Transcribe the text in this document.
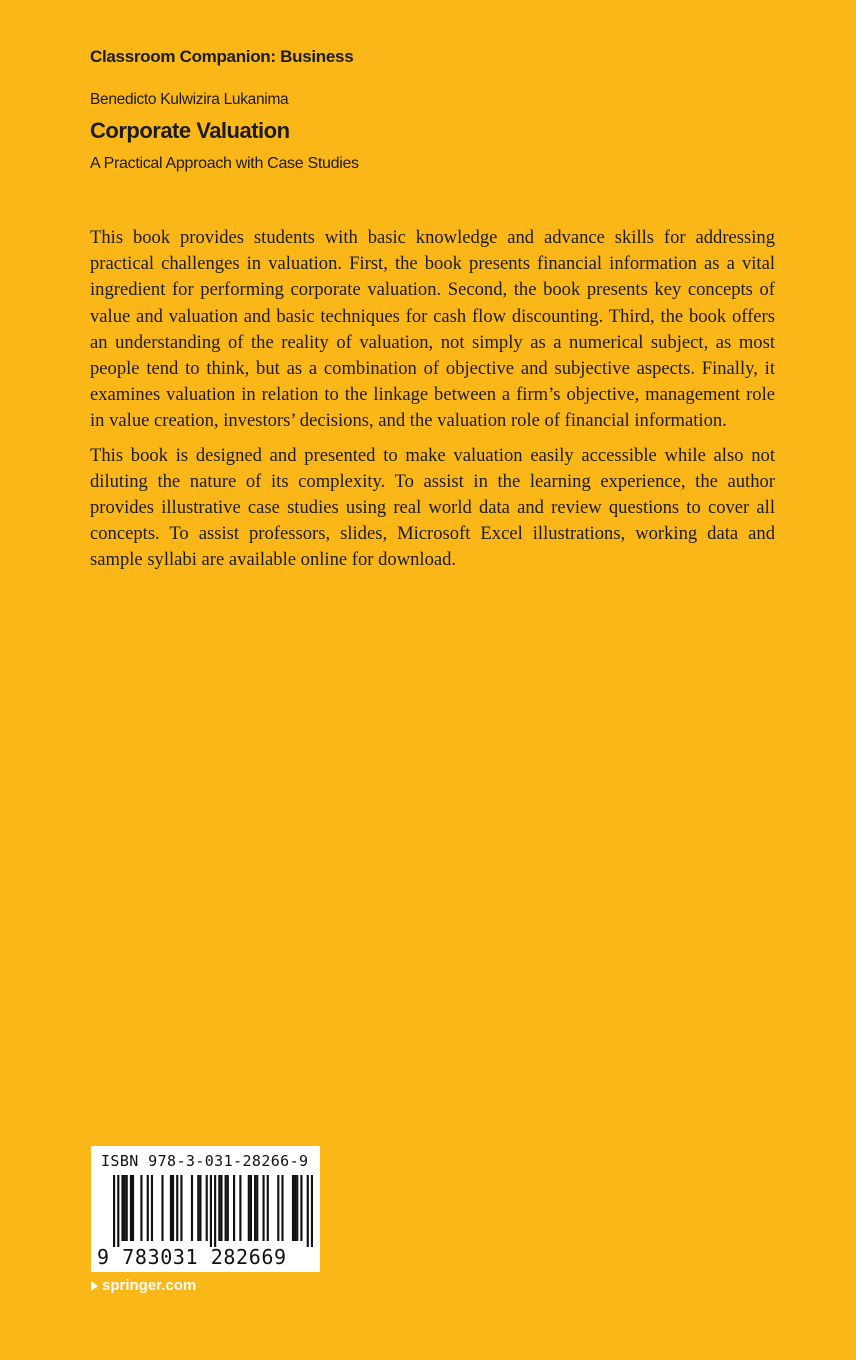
Classroom Companion: Business
Benedicto Kulwizira Lukanima
Corporate Valuation
A Practical Approach with Case Studies

This book provides students with basic knowledge and advance skills for addressing practical challenges in valuation. First, the book presents financial information as a vital ingredient for performing corporate valuation. Second, the book presents key concepts of value and valuation and basic techniques for cash flow discounting. Third, the book offers an understanding of the reality of valuation, not simply as a numerical subject, as most people tend to think, but as a combination of objective and subjective aspects. Finally, it examines valuation in relation to the linkage between a firm’s objective, management role in value creation, investors’ decisions, and the valuation role of financial information.

This book is designed and presented to make valuation easily accessible while also not diluting the nature of its complexity. To assist in the learning experience, the author provides illustrative case studies using real world data and review questions to cover all concepts. To assist professors, slides, Microsoft Excel illustrations, working data and sample syllabi are available online for download.

ISBN 978-3-031-28266-9
9 783031 282669
springer.com
